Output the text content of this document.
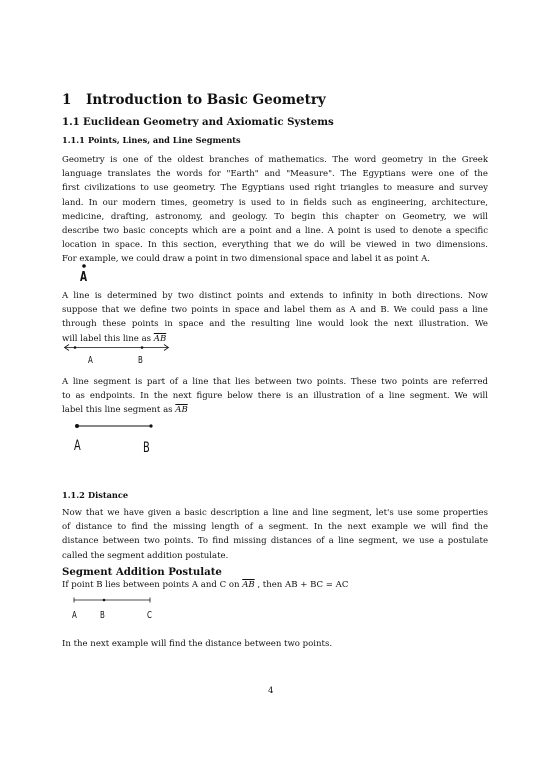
1 Introduction to Basic Geometry
1.1 Euclidean Geometry and Axiomatic Systems
1.1.1 Points, Lines, and Line Segments
Geometry is one of the oldest branches of mathematics. The word geometry in the Greek
language translates the words for "Earth" and "Measure". The Egyptians were one of the
first civilizations to use geometry. The Egyptians used right triangles to measure and survey
land. In our modern times, geometry is used to in fields such as engineering, architecture,
medicine, drafting, astronomy, and geology. To begin this chapter on Geometry, we will
describe two basic concepts which are a point and a line. A point is used to denote a specific
location in space. In this section, everything that we do will be viewed in two dimensions.
For example, we could draw a point in two dimensional space and label it as point A.
A
A line is determined by two distinct points and extends to infinity in both directions. Now
suppose that we define two points in space and label them as A and B. We could pass a line
through these points in space and the resulting line would look the next illustration. We
will label this line as $\overline{AB}$
A	B
A line segment is part of a line that lies between two points. These two points are referred
to as endpoints. In the next figure below there is an illustration of a line segment. We will
label this line segment as $\overline{AB}$
A	B
1.1.2 Distance
Now that we have given a basic description a line and line segment, let's use some properties
of distance to find the missing length of a segment. In the next example we will find the
distance between two points. To find missing distances of a line segment, we use a postulate
called the segment addition postulate.
Segment Addition Postulate
If point B lies between points A and C on $\overline{AB}$ , then AB + BC = AC
A B	C
In the next example will find the distance between two points.
4
